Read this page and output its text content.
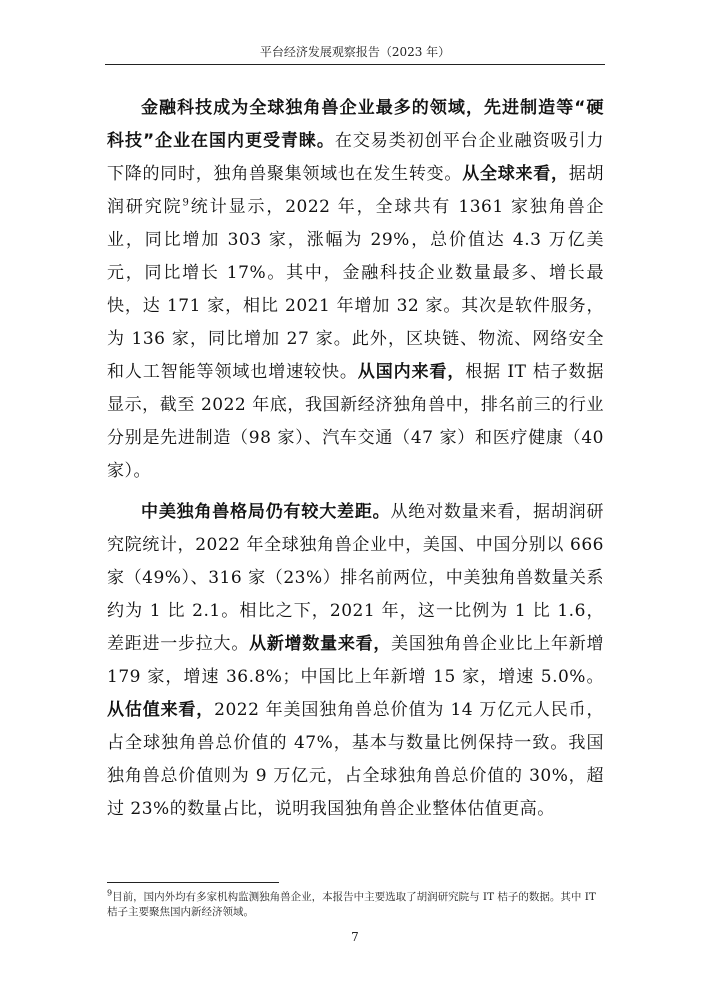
平台经济发展观察报告（2023 年）

金融科技成为全球独角兽企业最多的领域，先进制造等“硬科技”企业在国内更受青睐。在交易类初创平台企业融资吸引力下降的同时，独角兽聚集领域也在发生转变。从全球来看，据胡润研究院$^9$统计显示，2022 年，全球共有 1361 家独角兽企业，同比增加 303 家，涨幅为 29%，总价值达 4.3 万亿美元，同比增长 17%。其中，金融科技企业数量最多、增长最快，达 171 家，相比 2021 年增加 32 家。其次是软件服务，为 136 家，同比增加 27 家。此外，区块链、物流、网络安全和人工智能等领域也增速较快。从国内来看，根据 IT 桔子数据显示，截至 2022 年底，我国新经济独角兽中，排名前三的行业分别是先进制造（98 家）、汽车交通（47 家）和医疗健康（40 家）。

中美独角兽格局仍有较大差距。从绝对数量来看，据胡润研究院统计，2022 年全球独角兽企业中，美国、中国分别以 666 家（49%）、316 家（23%）排名前两位，中美独角兽数量关系约为 1 比 2.1。相比之下，2021 年，这一比例为 1 比 1.6，差距进一步拉大。从新增数量来看，美国独角兽企业比上年新增 179 家，增速 36.8%；中国比上年新增 15 家，增速 5.0%。从估值来看，2022 年美国独角兽总价值为 14 万亿元人民币，占全球独角兽总价值的 47%，基本与数量比例保持一致。我国独角兽总价值则为 9 万亿元，占全球独角兽总价值的 30%，超过 23%的数量占比，说明我国独角兽企业整体估值更高。

$^9$目前，国内外均有多家机构监测独角兽企业，本报告中主要选取了胡润研究院与 IT 桔子的数据。其中 IT 桔子主要聚焦国内新经济领域。
7
